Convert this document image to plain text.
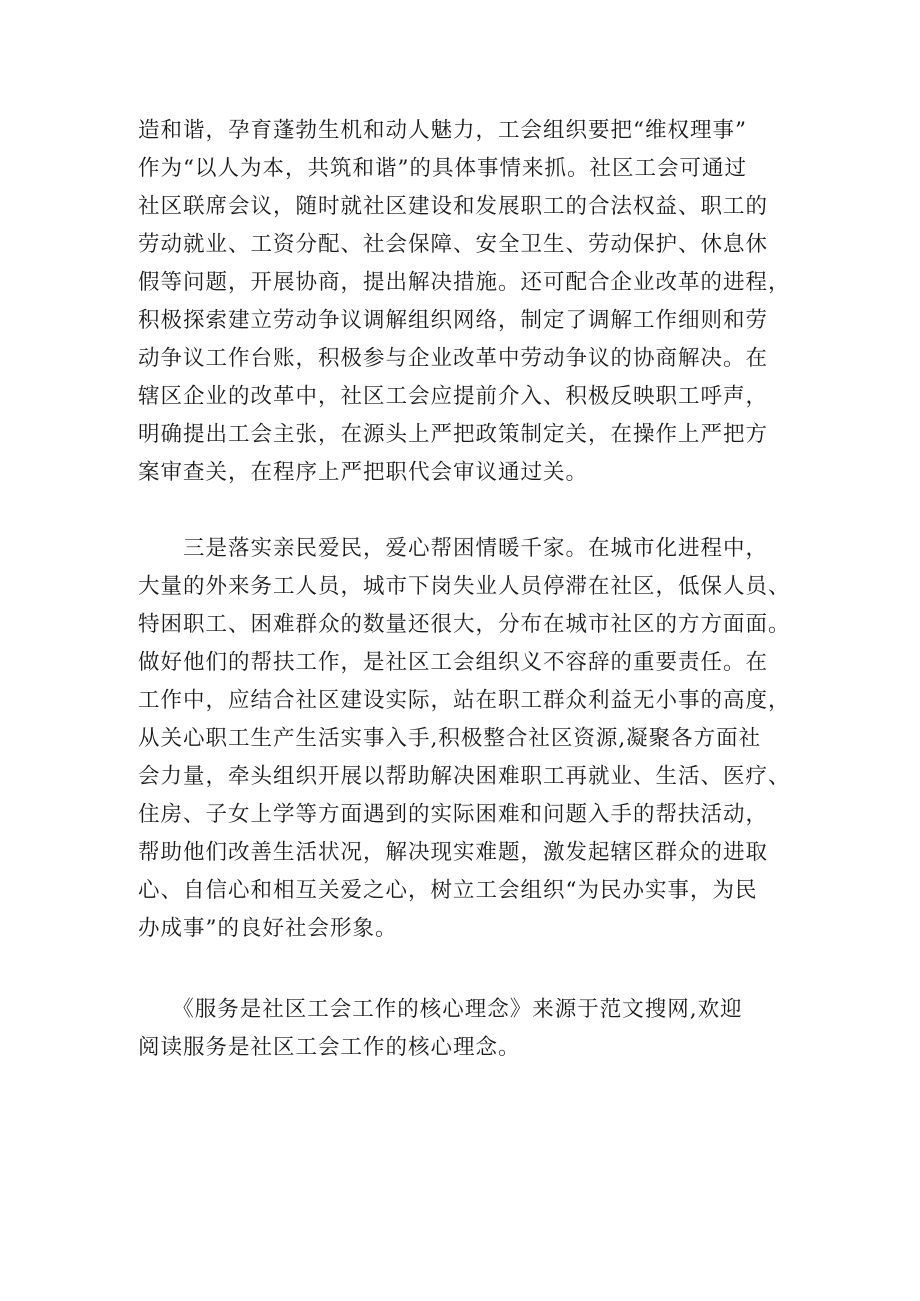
造和谐，孕育蓬勃生机和动人魅力，工会组织要把“维权理事”
作为“以人为本，共筑和谐”的具体事情来抓。社区工会可通过
社区联席会议，随时就社区建设和发展职工的合法权益、职工的
劳动就业、工资分配、社会保障、安全卫生、劳动保护、休息休
假等问题，开展协商，提出解决措施。还可配合企业改革的进程，
积极探索建立劳动争议调解组织网络，制定了调解工作细则和劳
动争议工作台账，积极参与企业改革中劳动争议的协商解决。在
辖区企业的改革中，社区工会应提前介入、积极反映职工呼声，
明确提出工会主张，在源头上严把政策制定关，在操作上严把方
案审查关，在程序上严把职代会审议通过关。

　　三是落实亲民爱民，爱心帮困情暖千家。在城市化进程中，
大量的外来务工人员，城市下岗失业人员停滞在社区，低保人员、
特困职工、困难群众的数量还很大，分布在城市社区的方方面面。
做好他们的帮扶工作，是社区工会组织义不容辞的重要责任。在
工作中，应结合社区建设实际，站在职工群众利益无小事的高度，
从关心职工生产生活实事入手,积极整合社区资源,凝聚各方面社
会力量，牵头组织开展以帮助解决困难职工再就业、生活、医疗、
住房、子女上学等方面遇到的实际困难和问题入手的帮扶活动，
帮助他们改善生活状况，解决现实难题，激发起辖区群众的进取
心、自信心和相互关爱之心，树立工会组织“为民办实事，为民
办成事”的良好社会形象。

　　《服务是社区工会工作的核心理念》来源于范文搜网,欢迎
阅读服务是社区工会工作的核心理念。
